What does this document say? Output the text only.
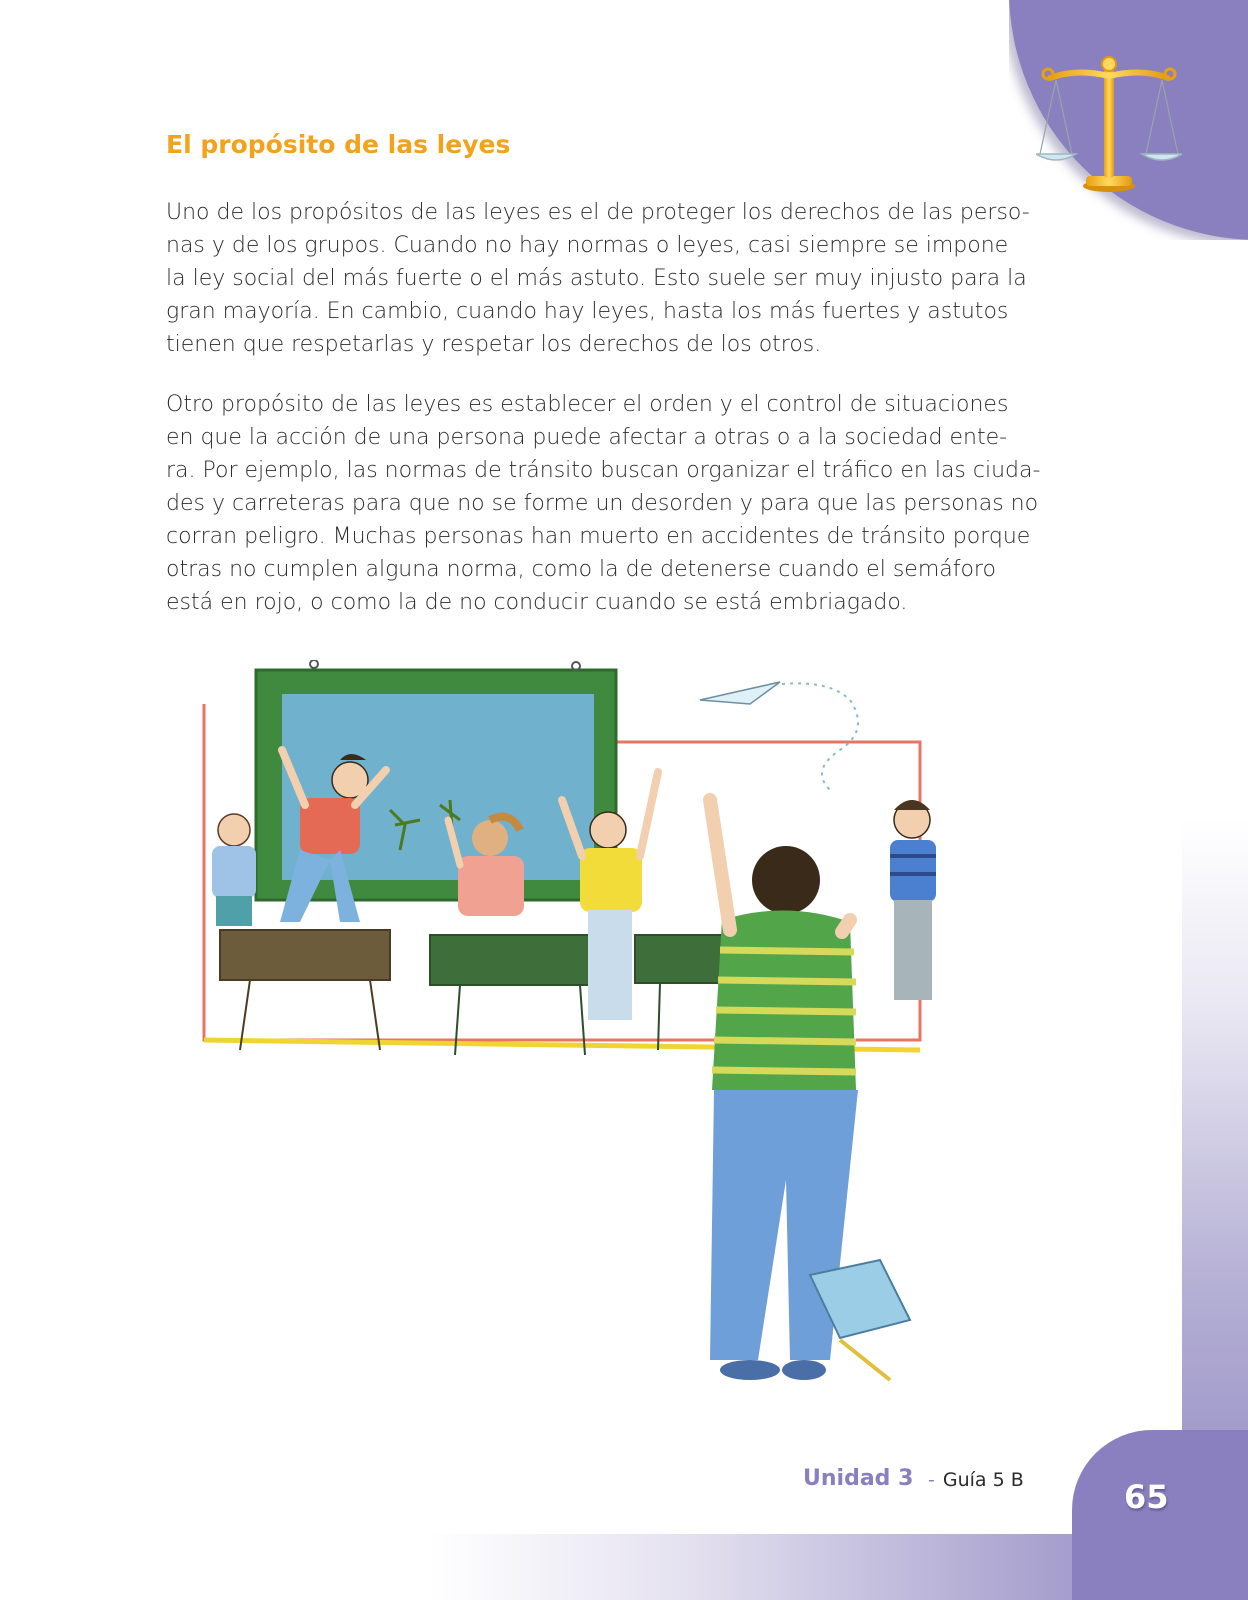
El propósito de las leyes

Uno de los propósitos de las leyes es el de proteger los derechos de las perso-
nas y de los grupos. Cuando no hay normas o leyes, casi siempre se impone
la ley social del más fuerte o el más astuto. Esto suele ser muy injusto para la
gran mayoría. En cambio, cuando hay leyes, hasta los más fuertes y astutos
tienen que respetarlas y respetar los derechos de los otros.

Otro propósito de las leyes es establecer el orden y el control de situaciones
en que la acción de una persona puede afectar a otras o a la sociedad ente-
ra. Por ejemplo, las normas de tránsito buscan organizar el tráfico en las ciuda-
des y carreteras para que no se forme un desorden y para que las personas no
corran peligro. Muchas personas han muerto en accidentes de tránsito porque
otras no cumplen alguna norma, como la de detenerse cuando el semáforo
está en rojo, o como la de no conducir cuando se está embriagado.

Unidad 3 - Guía 5 B	65
